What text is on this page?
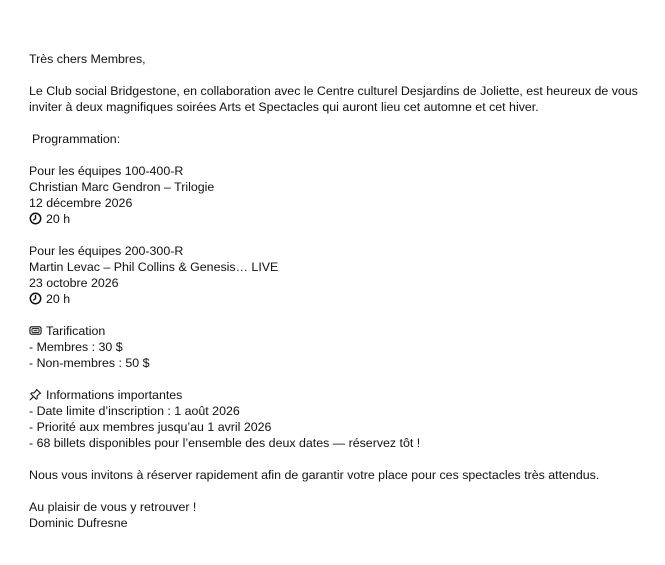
Très chers Membres,
Le Club social Bridgestone, en collaboration avec le Centre culturel Desjardins de Joliette, est heureux de vous inviter à deux magnifiques soirées Arts et Spectacles qui auront lieu cet automne et cet hiver.
Programmation:
Pour les équipes 100-400-R
Christian Marc Gendron – Trilogie
12 décembre 2026
20 h
Pour les équipes 200-300-R
Martin Levac – Phil Collins & Genesis… LIVE
23 octobre 2026
20 h
Tarification
- Membres : 30 $
- Non-membres : 50 $
Informations importantes
- Date limite d’inscription : 1 août 2026
- Priorité aux membres jusqu’au 1 avril 2026
- 68 billets disponibles pour l’ensemble des deux dates — réservez tôt !
Nous vous invitons à réserver rapidement afin de garantir votre place pour ces spectacles très attendus.
Au plaisir de vous y retrouver !
Dominic Dufresne
